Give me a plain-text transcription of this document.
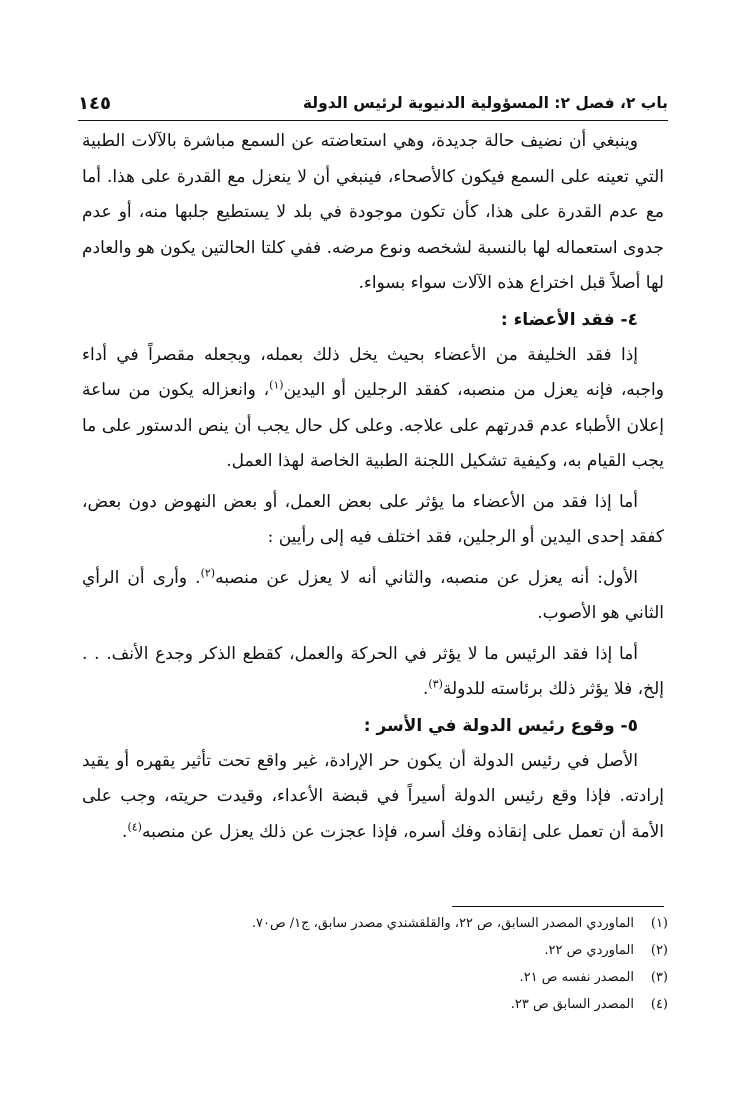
باب ٢، فصل ٢: المسؤولية الدنيوية لرئيس الدولة
١٤٥

وينبغي أن نضيف حالة جديدة، وهي استعاضته عن السمع مباشرة بالآلات الطبية التي تعينه على السمع فيكون كالأصحاء، فينبغي أن لا ينعزل مع القدرة على هذا. أما مع عدم القدرة على هذا، كأن تكون موجودة في بلد لا يستطيع جلبها منه، أو عدم جدوى استعماله لها بالنسبة لشخصه ونوع مرضه. ففي كلتا الحالتين يكون هو والعادم لها أصلاً قبل اختراع هذه الآلات سواء بسواء.

٤- فقد الأعضاء :

إذا فقد الخليفة من الأعضاء بحيث يخل ذلك بعمله، ويجعله مقصراً في أداء واجبه، فإنه يعزل من منصبه، كفقد الرجلين أو اليدين$^{(١)}$، وانعزاله يكون من ساعة إعلان الأطباء عدم قدرتهم على علاجه. وعلى كل حال يجب أن ينص الدستور على ما يجب القيام به، وكيفية تشكيل اللجنة الطبية الخاصة لهذا العمل.

أما إذا فقد من الأعضاء ما يؤثر على بعض العمل، أو بعض النهوض دون بعض، كفقد إحدى اليدين أو الرجلين، فقد اختلف فيه إلى رأيين :

الأول: أنه يعزل عن منصبه، والثاني أنه لا يعزل عن منصبه$^{(٢)}$. وأرى أن الرأي الثاني هو الأصوب.

أما إذا فقد الرئيس ما لا يؤثر في الحركة والعمل، كقطع الذكر وجدع الأنف. . . إلخ، فلا يؤثر ذلك برئاسته للدولة$^{(٣)}$.

٥- وقوع رئيس الدولة في الأسر :

الأصل في رئيس الدولة أن يكون حر الإرادة، غير واقع تحت تأثير يقهره أو يقيد إرادته. فإذا وقع رئيس الدولة أسيراً في قبضة الأعداء، وقيدت حريته، وجب على الأمة أن تعمل على إنقاذه وفك أسره، فإذا عجزت عن ذلك يعزل عن منصبه$^{(٤)}$.

(١)
الماوردي المصدر السابق، ص ٢٢، والقلقشندي مصدر سابق، ج١/ ص٧٠.
(٢)
الماوردي ص ٢٢.
(٣)
المصدر نفسه ص ٢١.
(٤)
المصدر السابق ص ٢٣.
